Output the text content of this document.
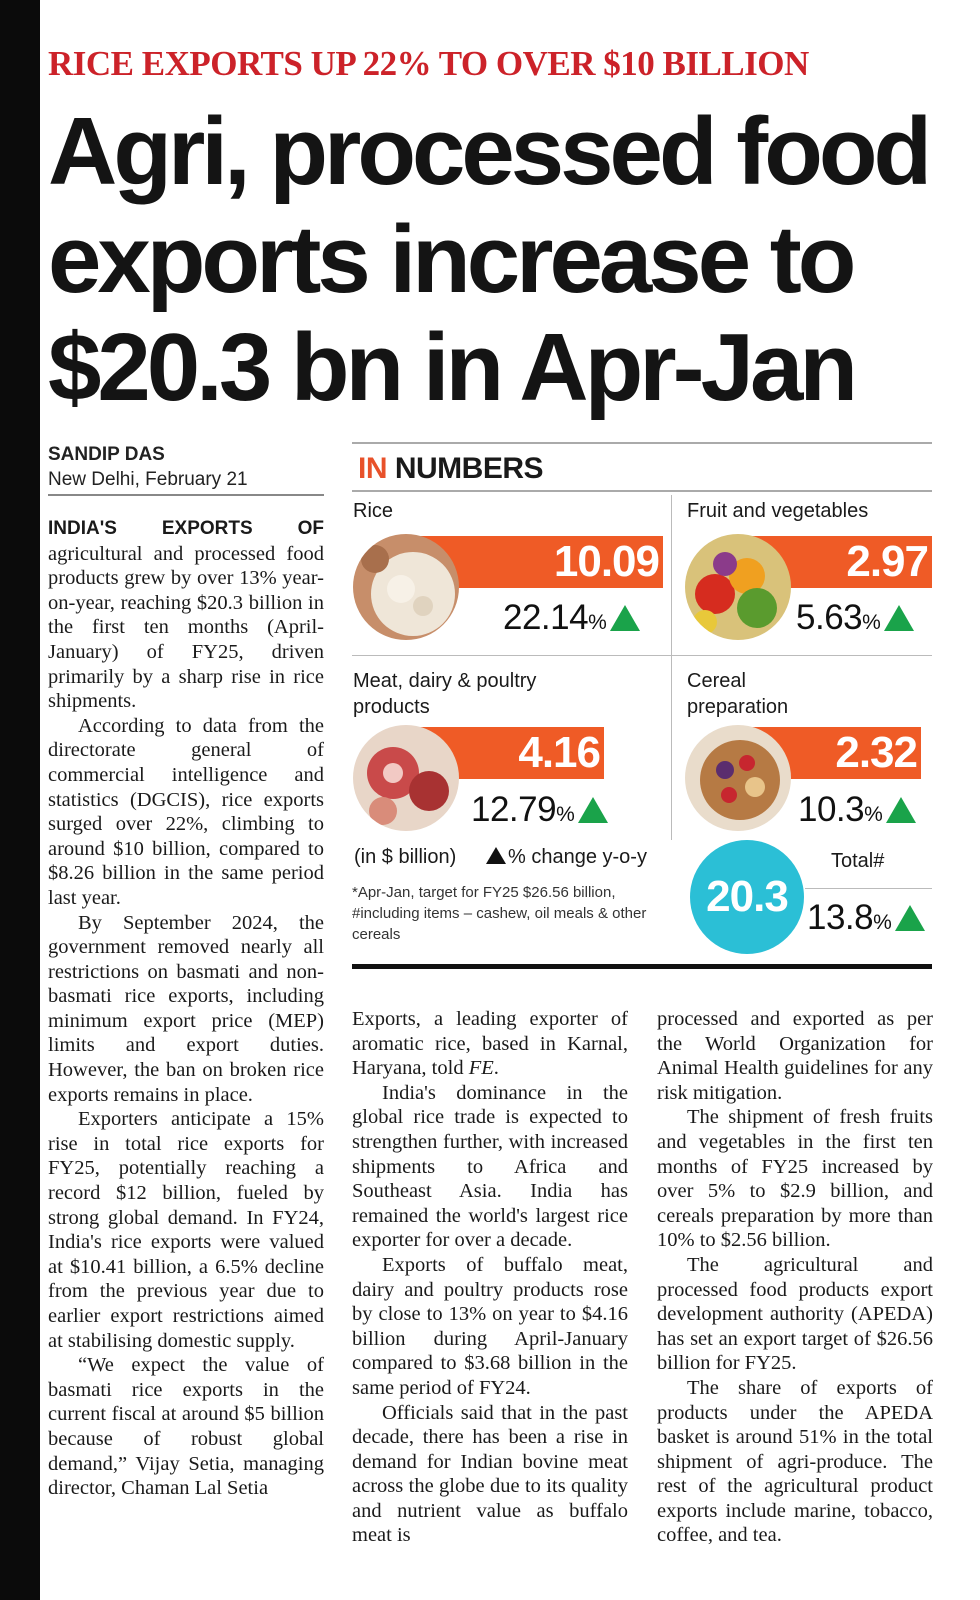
RICE EXPORTS UP 22% TO OVER $10 BILLION
Agri, processed food
exports increase to
$20.3 bn in Apr-Jan
SANDIP DAS
New Delhi, February 21

INDIA'S EXPORTS OF agricultural and processed food products grew by over 13% year-on-year, reaching $20.3 billion in the first ten months (April-January) of FY25, driven primarily by a sharp rise in rice shipments.

According to data from the directorate general of commercial intelligence and statistics (DGCIS), rice exports surged over 22%, climbing to around $10 billion, compared to $8.26 billion in the same period last year.

By September 2024, the government removed nearly all restrictions on basmati and non-basmati rice exports, including minimum export price (MEP) limits and export duties. However, the ban on broken rice exports remains in place.

Exporters anticipate a 15% rise in total rice exports for FY25, potentially reaching a record $12 billion, fueled by strong global demand. In FY24, India's rice exports were valued at $10.41 billion, a 6.5% decline from the previous year due to earlier export restrictions aimed at stabilising domestic supply.

“We expect the value of basmati rice exports in the current fiscal at around $5 billion because of robust global demand,” Vijay Setia, managing director, Chaman Lal Setia

IN NUMBERS
Rice
10.09
22.14%
Fruit and vegetables
2.97
5.63%
Meat, dairy & poultry products
4.16
12.79%
Cereal preparation
2.32
10.3%
(in $ billion)	% change y-o-y
*Apr-Jan, target for FY25 $26.56 billion, #including items – cashew, oil meals & other cereals
Total#
20.3 13.8%

Exports, a leading exporter of aromatic rice, based in Karnal, Haryana, told FE.

India's dominance in the global rice trade is expected to strengthen further, with increased shipments to Africa and Southeast Asia. India has remained the world's largest rice exporter for over a decade.

Exports of buffalo meat, dairy and poultry products rose by close to 13% on year to $4.16 billion during April-January compared to $3.68 billion in the same period of FY24.

Officials said that in the past decade, there has been a rise in demand for Indian bovine meat across the globe due to its quality and nutrient value as buffalo meat is

processed and exported as per the World Organization for Animal Health guidelines for any risk mitigation.

The shipment of fresh fruits and vegetables in the first ten months of FY25 increased by over 5% to $2.9 billion, and cereals preparation by more than 10% to $2.56 billion.

The agricultural and processed food products export development authority (APEDA) has set an export target of $26.56 billion for FY25.

The share of exports of products under the APEDA basket is around 51% in the total shipment of agri-produce. The rest of the agricultural product exports include marine, tobacco, coffee, and tea.
